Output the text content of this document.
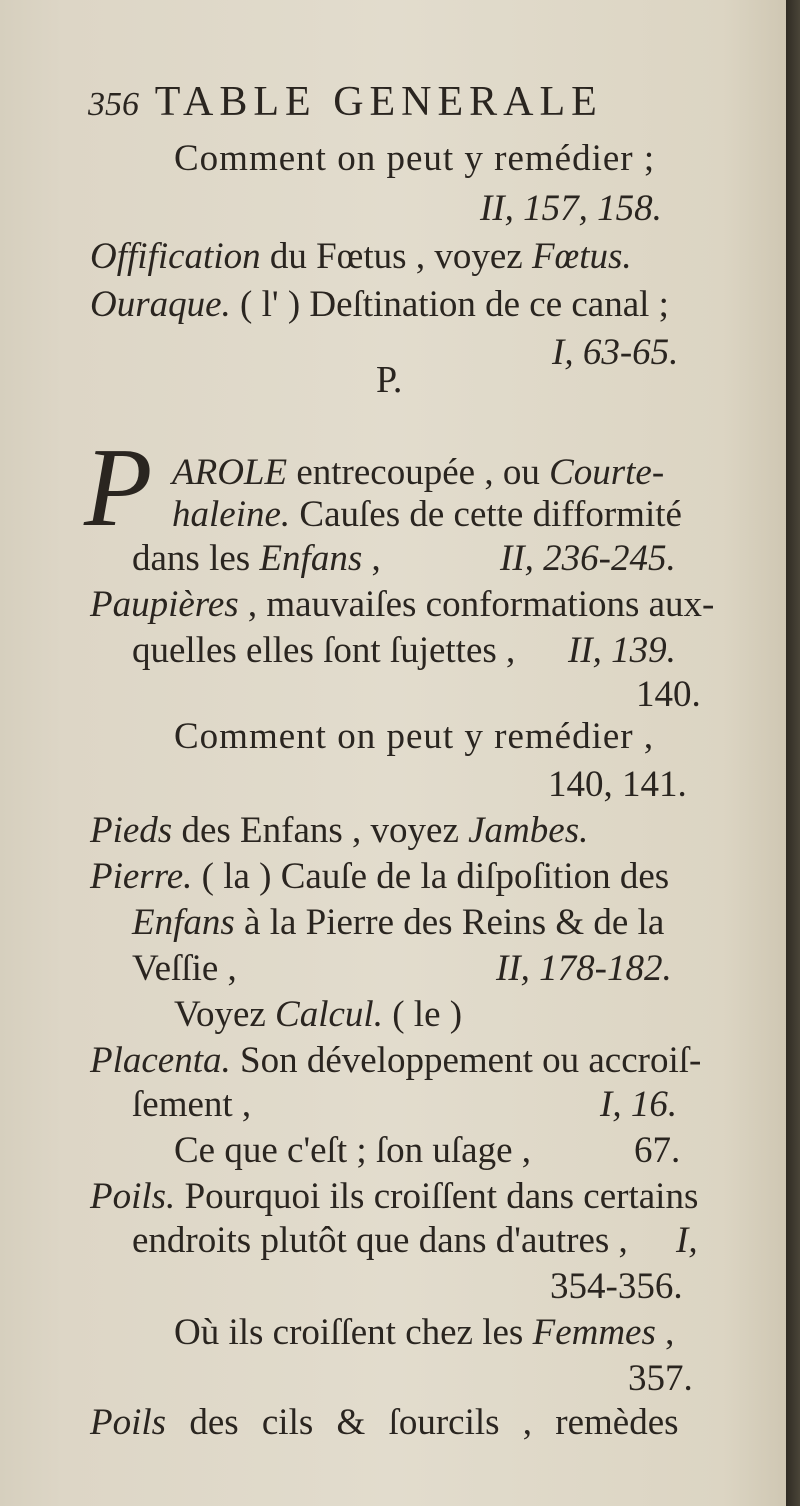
356 TABLE GENERALE
Comment on peut y remédier ;
II, 157, 158.
Offification du Fœtus , voyez Fœtus.
Ouraque. ( l' ) Deſtination de ce canal ;
I, 63-65.
P.
P AROLE entrecoupée , ou Courte-
haleine. Cauſes de cette difformité
dans les Enfans ,	II, 236-245.
Paupières , mauvaiſes conformations aux-
quelles elles ſont ſujettes , II, 139.
140.
Comment on peut y remédier ,
140, 141.
Pieds des Enfans , voyez Jambes.
Pierre. ( la ) Cauſe de la diſpoſition des
Enfans à la Pierre des Reins & de la
Veſſie ,	II, 178-182.
Voyez Calcul. ( le )
Placenta. Son développement ou accroiſ-
ſement ,	I, 16.
Ce que c'eſt ; ſon uſage ,	67.
Poils. Pourquoi ils croiſſent dans certains
endroits plutôt que dans d'autres , I,
354-356.
Où ils croiſſent chez les Femmes ,
357.
Poils des cils & ſourcils , remèdes
